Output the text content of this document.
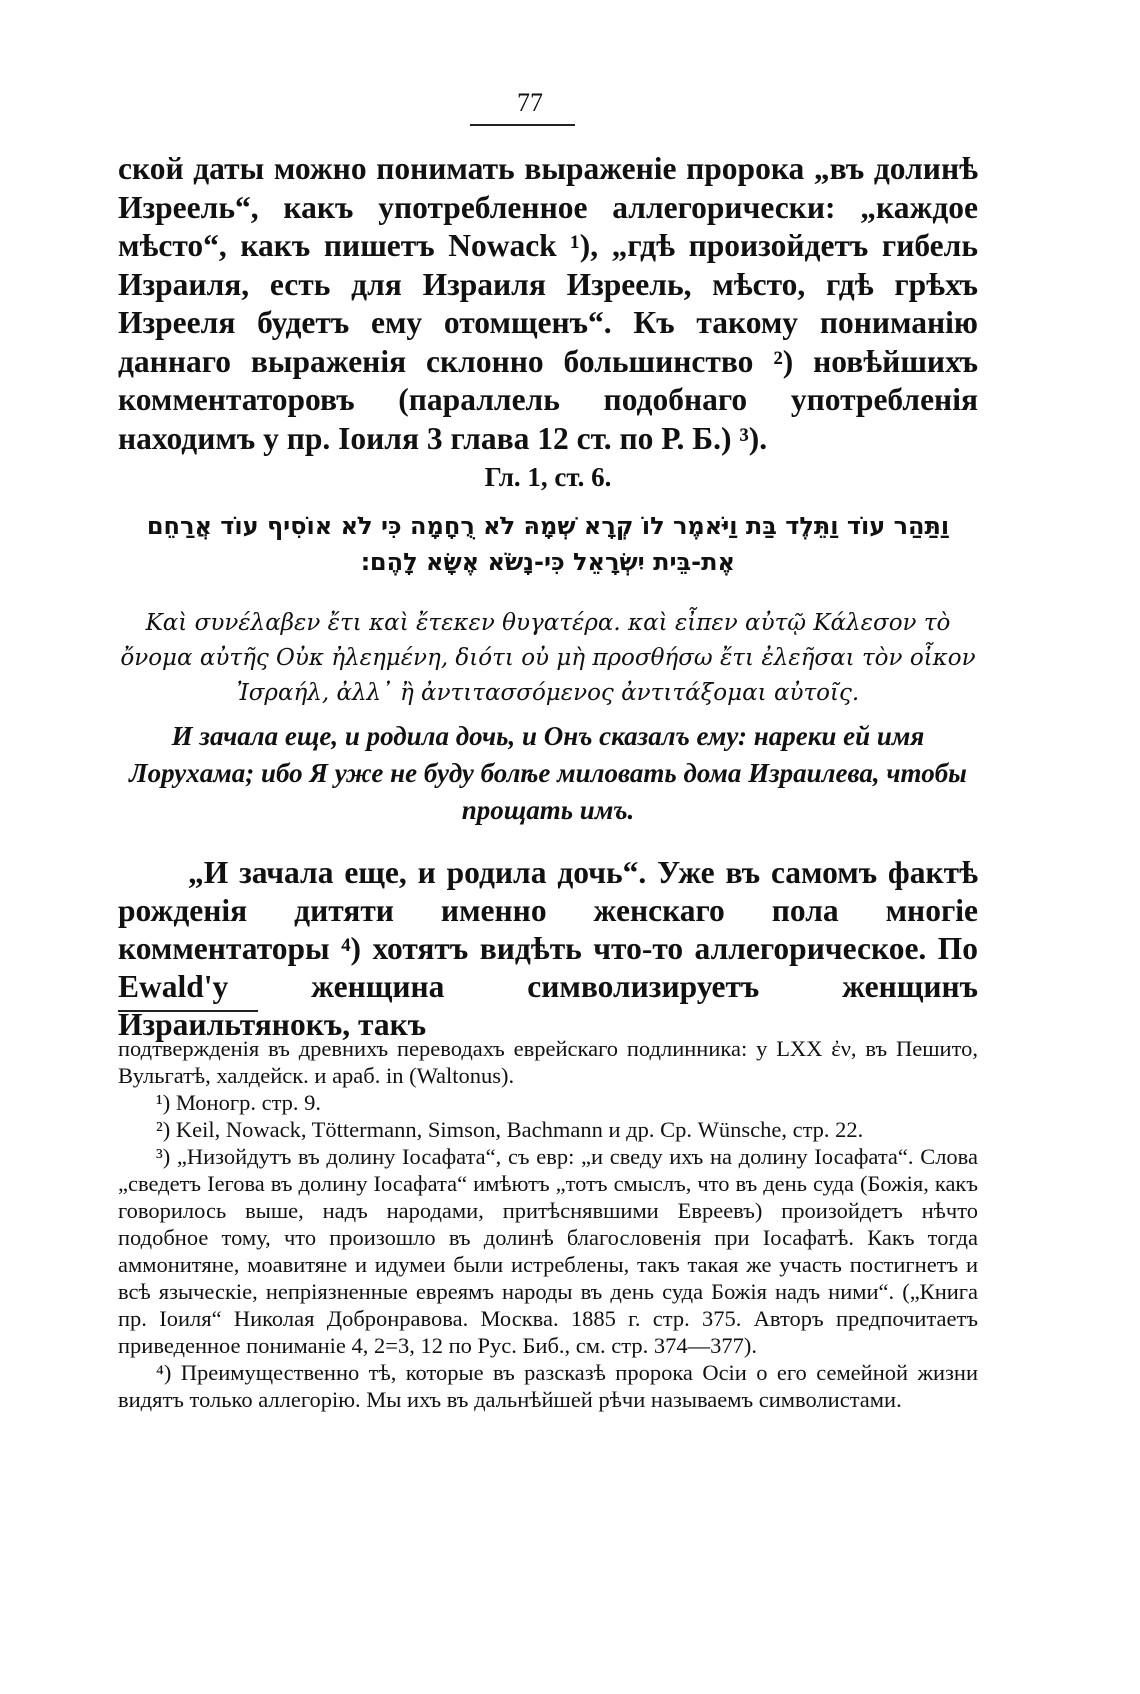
77

ской даты можно понимать выраженіе пророка „въ долинѣ Изреель“, какъ употребленное аллегорически: „каждое мѣсто“, какъ пишетъ Nowack ¹), „гдѣ произойдетъ гибель Израиля, есть для Израиля Изреель, мѣсто, гдѣ грѣхъ Изрееля будетъ ему отомщенъ“. Къ такому пониманію даннаго выраженія склонно большинство ²) новѣйшихъ комментаторовъ (параллель подобнаго употребленія находимъ у пр. Іоиля 3 глава 12 ст. по Р. Б.) ³).

Гл. 1, ст. 6.
וַתַּהַר עוֹד וַתֵּלֶד בַּת וַיֹּאמֶר לוֹ קְרָא שְׁמָהּ לֹא רֻחָמָה כִּי לֹא אוֹסִיף עוֹד אֲרַחֵם אֶת-בֵּית יִשְׂרָאֵל כִּי-נָשֹׂא אֶשָּׂא לָהֶם׃
Καὶ συνέλαβεν ἔτι καὶ ἔτεκεν θυγατέρα. καὶ εἶπεν αὐτῷ Κάλεσον τὸ ὄνομα αὐτῆς Οὐκ ἠλεημένη, διότι οὐ μὴ προσθήσω ἔτι ἐλεῆσαι τὸν οἶκον Ἰσραήλ, ἀλλ᾽ ἢ ἀντιτασσόμενος ἀντιτάξομαι αὐτοῖς.
И зачала еще, и родила дочь, и Онъ сказалъ ему: нареки ей имя Лоруxама; ибо Я уже не буду болѣе миловать дома Израилева, чтобы прощать имъ.

„И зачала еще, и родила дочь“. Уже въ самомъ фактѣ рожденія дитяти именно женскаго пола многіе комментаторы ⁴) хотятъ видѣть что-то аллегорическое. По Ewald'у женщина символизируетъ женщинъ Израильтянокъ, такъ

подтвержденія въ древнихъ переводахъ еврейскаго подлинника: у LXX ἐν, въ Пешито, Вульгатѣ, халдейск. и араб. in (Waltonus).

¹) Моногр. стр. 9.

²) Keil, Nowack, Töttermann, Simson, Bachmann и др. Ср. Wünsche, стр. 22.

³) „Низойдутъ въ долину Іосафата“, съ евр: „и сведу ихъ на долину Іосафата“. Слова „сведетъ Іегова въ долину Іосафата“ имѣютъ „тотъ смыслъ, что въ день суда (Божія, какъ говорилось выше, надъ народами, притѣснявшими Евреевъ) произойдетъ нѣчто подобное тому, что произошло въ долинѣ благословенія при Іосафатѣ. Какъ тогда аммонитяне, моавитяне и идумеи были истреблены, такъ такая же участь постигнетъ и всѣ языческіе, непріязненные евреямъ народы въ день суда Божія надъ ними“. („Книга пр. Іоиля“ Николая Добронравова. Москва. 1885 г. стр. 375. Авторъ предпочитаетъ приведенное пониманіе 4, 2=3, 12 по Рус. Биб., см. стр. 374—377).

⁴) Преимущественно тѣ, которые въ разсказѣ пророка Осіи о его семейной жизни видятъ только аллегорію. Мы ихъ въ дальнѣйшей рѣчи называемъ символистами.
